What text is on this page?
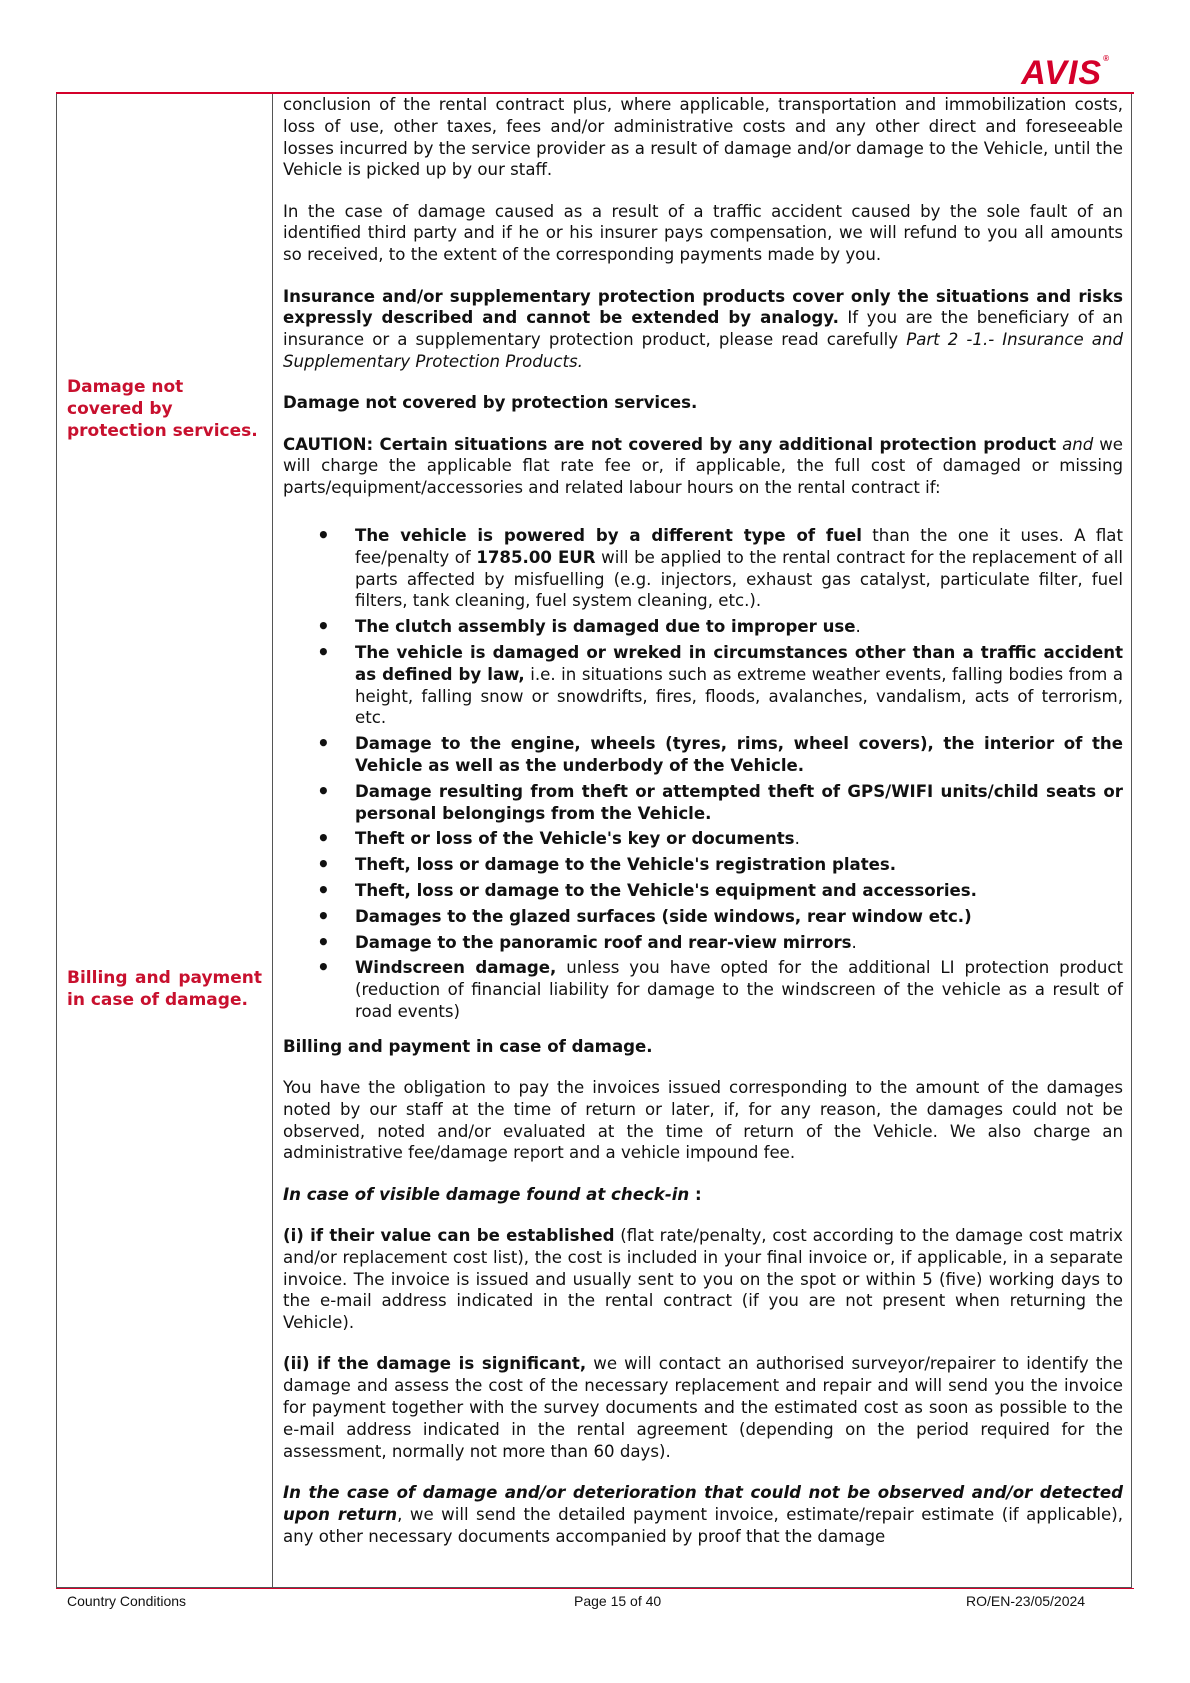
AVIS®
Damage not covered by protection services.
Billing and payment in case of damage.

conclusion of the rental contract plus, where applicable, transportation and immobilization costs, loss of use, other taxes, fees and/or administrative costs and any other direct and foreseeable losses incurred by the service provider as a result of damage and/or damage to the Vehicle, until the Vehicle is picked up by our staff.

In the case of damage caused as a result of a traffic accident caused by the sole fault of an identified third party and if he or his insurer pays compensation, we will refund to you all amounts so received, to the extent of the corresponding payments made by you.

Insurance and/or supplementary protection products cover only the situations and risks expressly described and cannot be extended by analogy. If you are the beneficiary of an insurance or a supplementary protection product, please read carefully Part 2 -1.- Insurance and Supplementary Protection Products.

Damage not covered by protection services.

CAUTION: Certain situations are not covered by any additional protection product and we will charge the applicable flat rate fee or, if applicable, the full cost of damaged or missing parts/equipment/accessories and related labour hours on the rental contract if:

• The vehicle is powered by a different type of fuel than the one it uses. A flat fee/penalty of 1785.00 EUR will be applied to the rental contract for the replacement of all parts affected by misfuelling (e.g. injectors, exhaust gas catalyst, particulate filter, fuel filters, tank cleaning, fuel system cleaning, etc.).
• The clutch assembly is damaged due to improper use.
• The vehicle is damaged or wreked in circumstances other than a traffic accident as defined by law, i.e. in situations such as extreme weather events, falling bodies from a height, falling snow or snowdrifts, fires, floods, avalanches, vandalism, acts of terrorism, etc.
• Damage to the engine, wheels (tyres, rims, wheel covers), the interior of the Vehicle as well as the underbody of the Vehicle.
• Damage resulting from theft or attempted theft of GPS/WIFI units/child seats or personal belongings from the Vehicle.
• Theft or loss of the Vehicle's key or documents.
• Theft, loss or damage to the Vehicle's registration plates.
• Theft, loss or damage to the Vehicle's equipment and accessories.
• Damages to the glazed surfaces (side windows, rear window etc.)
• Damage to the panoramic roof and rear-view mirrors.
• Windscreen damage, unless you have opted for the additional LI protection product (reduction of financial liability for damage to the windscreen of the vehicle as a result of road events)

Billing and payment in case of damage.

You have the obligation to pay the invoices issued corresponding to the amount of the damages noted by our staff at the time of return or later, if, for any reason, the damages could not be observed, noted and/or evaluated at the time of return of the Vehicle. We also charge an administrative fee/damage report and a vehicle impound fee.

In case of visible damage found at check-in :

(i) if their value can be established (flat rate/penalty, cost according to the damage cost matrix and/or replacement cost list), the cost is included in your final invoice or, if applicable, in a separate invoice. The invoice is issued and usually sent to you on the spot or within 5 (five) working days to the e-mail address indicated in the rental contract (if you are not present when returning the Vehicle).

(ii) if the damage is significant, we will contact an authorised surveyor/repairer to identify the damage and assess the cost of the necessary replacement and repair and will send you the invoice for payment together with the survey documents and the estimated cost as soon as possible to the e-mail address indicated in the rental agreement (depending on the period required for the assessment, normally not more than 60 days).

In the case of damage and/or deterioration that could not be observed and/or detected upon return, we will send the detailed payment invoice, estimate/repair estimate (if applicable), any other necessary documents accompanied by proof that the damage

Country Conditions	Page 15 of 40	RO/EN-23/05/2024
